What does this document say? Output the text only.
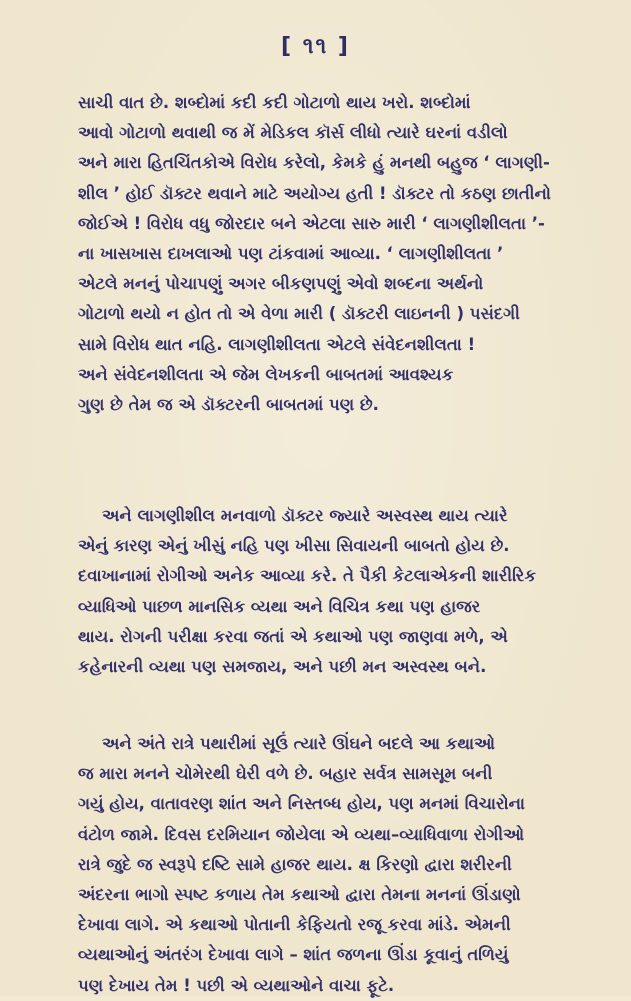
[ ૧૧ ]
સાચી વાત છે. શબ્દોમાં કદી કદી ગોટાળો થાય ખરો. શબ્દોમાં
આવો ગોટાળો થવાથી જ મેં મેડિકલ કૉર્સ લીધો ત્યારે ઘરનાં વડીલો
અને મારા હિતચિંતકોએ વિરોધ કરેલો, કેમકે હું મનથી બહુજ ‘ લાગણી-
શીલ ’ હોઈ ડૉક્ટર થવાને માટે અયોગ્ય હતી ! ડૉક્ટર તો કઠણ છાતીનો
જોઈએ ! વિરોધ વધુ જોરદાર બને એટલા સારુ મારી ‘ લાગણીશીલતા ’-
ના ખાસખાસ દાખલાઓ પણ ટાંકવામાં આવ્યા. ‘ લાગણીશીલતા ’
એટલે મનનું પોચાપણું અગર બીકણપણું એવો શબ્દના અર્થનો
ગોટાળો થયો ન હોત તો એ વેળા મારી ( ડૉક્ટરી લાઇનની ) પસંદગી
સામે વિરોધ થાત નહિ. લાગણીશીલતા એટલે સંવેદનશીલતા !
અને સંવેદનશીલતા એ જેમ લેખકની બાબતમાં આવશ્યક
ગુણ છે તેમ જ એ ડૉક્ટરની બાબતમાં પણ છે.
અને લાગણીશીલ મનવાળો ડૉક્ટર જ્યારે અસ્વસ્થ થાય ત્યારે
એનું કારણ એનું ખીસું નહિ પણ ખીસા સિવાયની બાબતો હોય છે.
દવાખાનામાં રોગીઓ અનેક આવ્યા કરે. તે પૈકી કેટલાએકની શારીરિક
વ્યાધિઓ પાછળ માનસિક વ્યથા અને વિચિત્ર કથા પણ હાજર
થાય. રોગની પરીક્ષા કરવા જતાં એ કથાઓ પણ જાણવા મળે, એ
કહેનારની વ્યથા પણ સમજાય, અને પછી મન અસ્વસ્થ બને.
અને અંતે રાત્રે પથારીમાં સૂઉં ત્યારે ઊંઘને બદલે આ કથાઓ
જ મારા મનને ચોમેરથી ઘેરી વળે છે. બહાર સર્વત્ર સામસૂમ બની
ગયું હોય, વાતાવરણ શાંત અને નિસ્તબ્ધ હોય, પણ મનમાં વિચારોના
વંટોળ જામે. દિવસ દરમિયાન જોયેલા એ વ્યથા–વ્યાધિવાળા રોગીઓ
રાત્રે જુદે જ સ્વરૂપે દષ્ટિ સામે હાજર થાય. ક્ષ કિરણો દ્વારા શરીરની
અંદરના ભાગો સ્પષ્ટ કળાય તેમ કથાઓ દ્વારા તેમના મનનાં ઊંડાણો
દેખાવા લાગે. એ કથાઓ પોતાની કેફિયતો રજૂ કરવા માંડે. એમની
વ્યથાઓનું અંતરંગ દેખાવા લાગે – શાંત જળના ઊંડા કૂવાનું તળિયું
પણ દેખાય તેમ ! પછી એ વ્યથાઓને વાચા ફૂટે.
